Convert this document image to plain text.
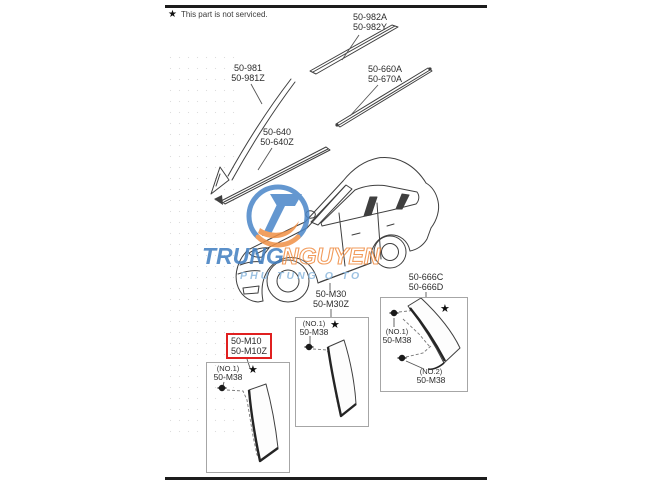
★ This part is not serviced.
TRUNG
NGUYEN
PHU TUNG O TO
50-982A
50-982Y
50-981
50-981Z
50-660A
50-670A
50-640
50-640Z
50-M30
50-M30Z
50-666C
50-666D
50-M10
50-M10Z
(NO.1)
50-M38
(NO.1)
50-M38	(NO.1)
50-M38
(NO.2)
50-M38
★
★
★
